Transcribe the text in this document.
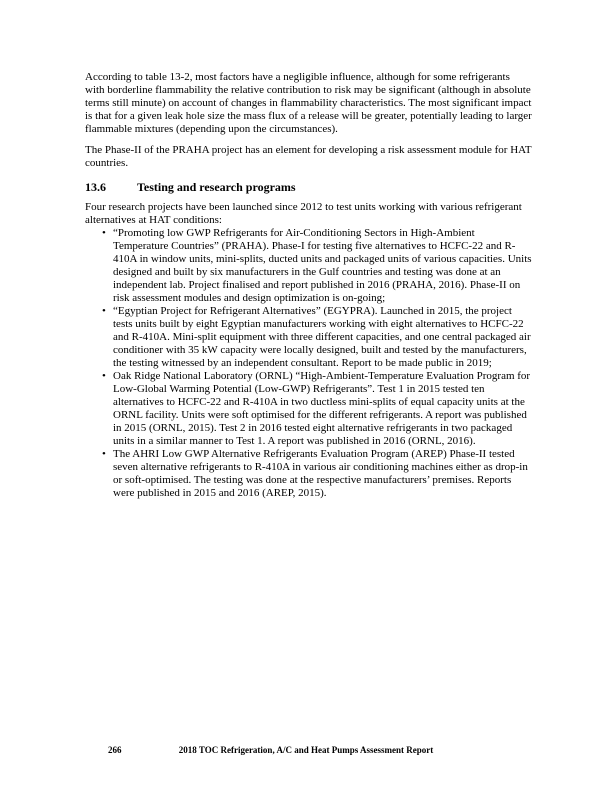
According to table 13-2, most factors have a negligible influence, although for some refrigerants with borderline flammability the relative contribution to risk may be significant (although in absolute terms still minute) on account of changes in flammability characteristics. The most significant impact is that for a given leak hole size the mass flux of a release will be greater, potentially leading to larger flammable mixtures (depending upon the circumstances).

The Phase-II of the PRAHA project has an element for developing a risk assessment module for HAT countries.

13.6	Testing and research programs

Four research projects have been launched since 2012 to test units working with various refrigerant alternatives at HAT conditions:

• “Promoting low GWP Refrigerants for Air-Conditioning Sectors in High-Ambient Temperature Countries” (PRAHA). Phase-I for testing five alternatives to HCFC-22 and R-410A in window units, mini-splits, ducted units and packaged units of various capacities. Units designed and built by six manufacturers in the Gulf countries and testing was done at an independent lab. Project finalised and report published in 2016 (PRAHA, 2016). Phase-II on risk assessment modules and design optimization is on-going;
• “Egyptian Project for Refrigerant Alternatives” (EGYPRA). Launched in 2015, the project tests units built by eight Egyptian manufacturers working with eight alternatives to HCFC-22 and R-410A. Mini-split equipment with three different capacities, and one central packaged air conditioner with 35 kW capacity were locally designed, built and tested by the manufacturers, the testing witnessed by an independent consultant. Report to be made public in 2019;
• Oak Ridge National Laboratory (ORNL) “High-Ambient-Temperature Evaluation Program for Low-Global Warming Potential (Low-GWP) Refrigerants”. Test 1 in 2015 tested ten alternatives to HCFC-22 and R-410A in two ductless mini-splits of equal capacity units at the ORNL facility. Units were soft optimised for the different refrigerants. A report was published in 2015 (ORNL, 2015). Test 2 in 2016 tested eight alternative refrigerants in two packaged units in a similar manner to Test 1. A report was published in 2016 (ORNL, 2016).
• The AHRI Low GWP Alternative Refrigerants Evaluation Program (AREP) Phase-II tested seven alternative refrigerants to R-410A in various air conditioning machines either as drop-in or soft-optimised. The testing was done at the respective manufacturers’ premises. Reports were published in 2015 and 2016 (AREP, 2015).
266	2018 TOC Refrigeration, A/C and Heat Pumps Assessment Report
